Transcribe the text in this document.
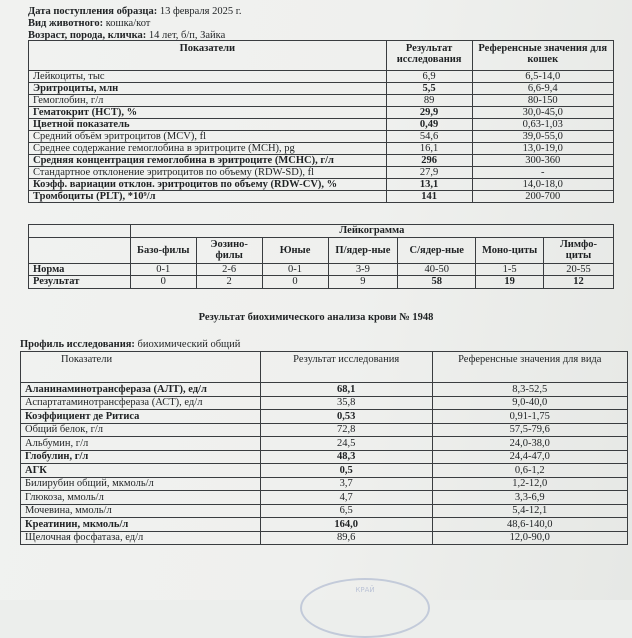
Дата поступления образца: 13 февраля 2025 г.
Вид животного: кошка/кот
Возраст, порода, кличка: 14 лет, б/п, Зайка
Показатели	Результат исследования	Референсные значения для кошек
Лейкоциты, тыс	6,9	6,5-14,0
Эритроциты, млн	5,5	6,6-9,4
Гемоглобин, г/л	89	80-150
Гематокрит (НСТ), %	29,9	30,0-45,0
Цветной показатель	0,49	0,63-1,03
Средний объём эритроцитов (MCV), fl	54,6	39,0-55,0
Среднее содержание гемоглобина в эритроците (МСН), pg	16,1	13,0-19,0
Средняя концентрация гемоглобина в эритроците (МСНС), г/л	296	300-360
Стандартное отклонение эритроцитов по объему (RDW-SD), fl	27,9	-
Коэфф. вариации отклон. эритроцитов по объему (RDW-CV), %	13,1	14,0-18,0
Тромбоциты (PLT), *10⁹/л	141	200-700
	Лейкограмма						
	Базо-филы	Эозино-филы	Юные	П/ядер-ные	С/ядер-ные	Моно-циты	Лимфо-циты
Норма	0-1	2-6	0-1	3-9	40-50	1-5	20-55
Результат	0	2	0	9	58	19	12
Результат биохимического анализа крови № 1948
Профиль исследования: биохимический общий
Показатели	Результат исследования	Референсные значения для вида
Аланинаминотрансфераза (АЛТ), ед/л	68,1	8,3-52,5
Аспартатаминотрансфераза (АСТ), ед/л	35,8	9,0-40,0
Коэффициент де Ритиса	0,53	0,91-1,75
Общий белок, г/л	72,8	57,5-79,6
Альбумин, г/л	24,5	24,0-38,0
Глобулин, г/л	48,3	24,4-47,0
АГК	0,5	0,6-1,2
Билирубин общий, мкмоль/л	3,7	1,2-12,0
Глюкоза, ммоль/л	4,7	3,3-6,9
Мочевина, ммоль/л	6,5	5,4-12,1
Креатинин, мкмоль/л	164,0	48,6-140,0
Щелочная фосфатаза, ед/л	89,6	12,0-90,0
КРАЙ
